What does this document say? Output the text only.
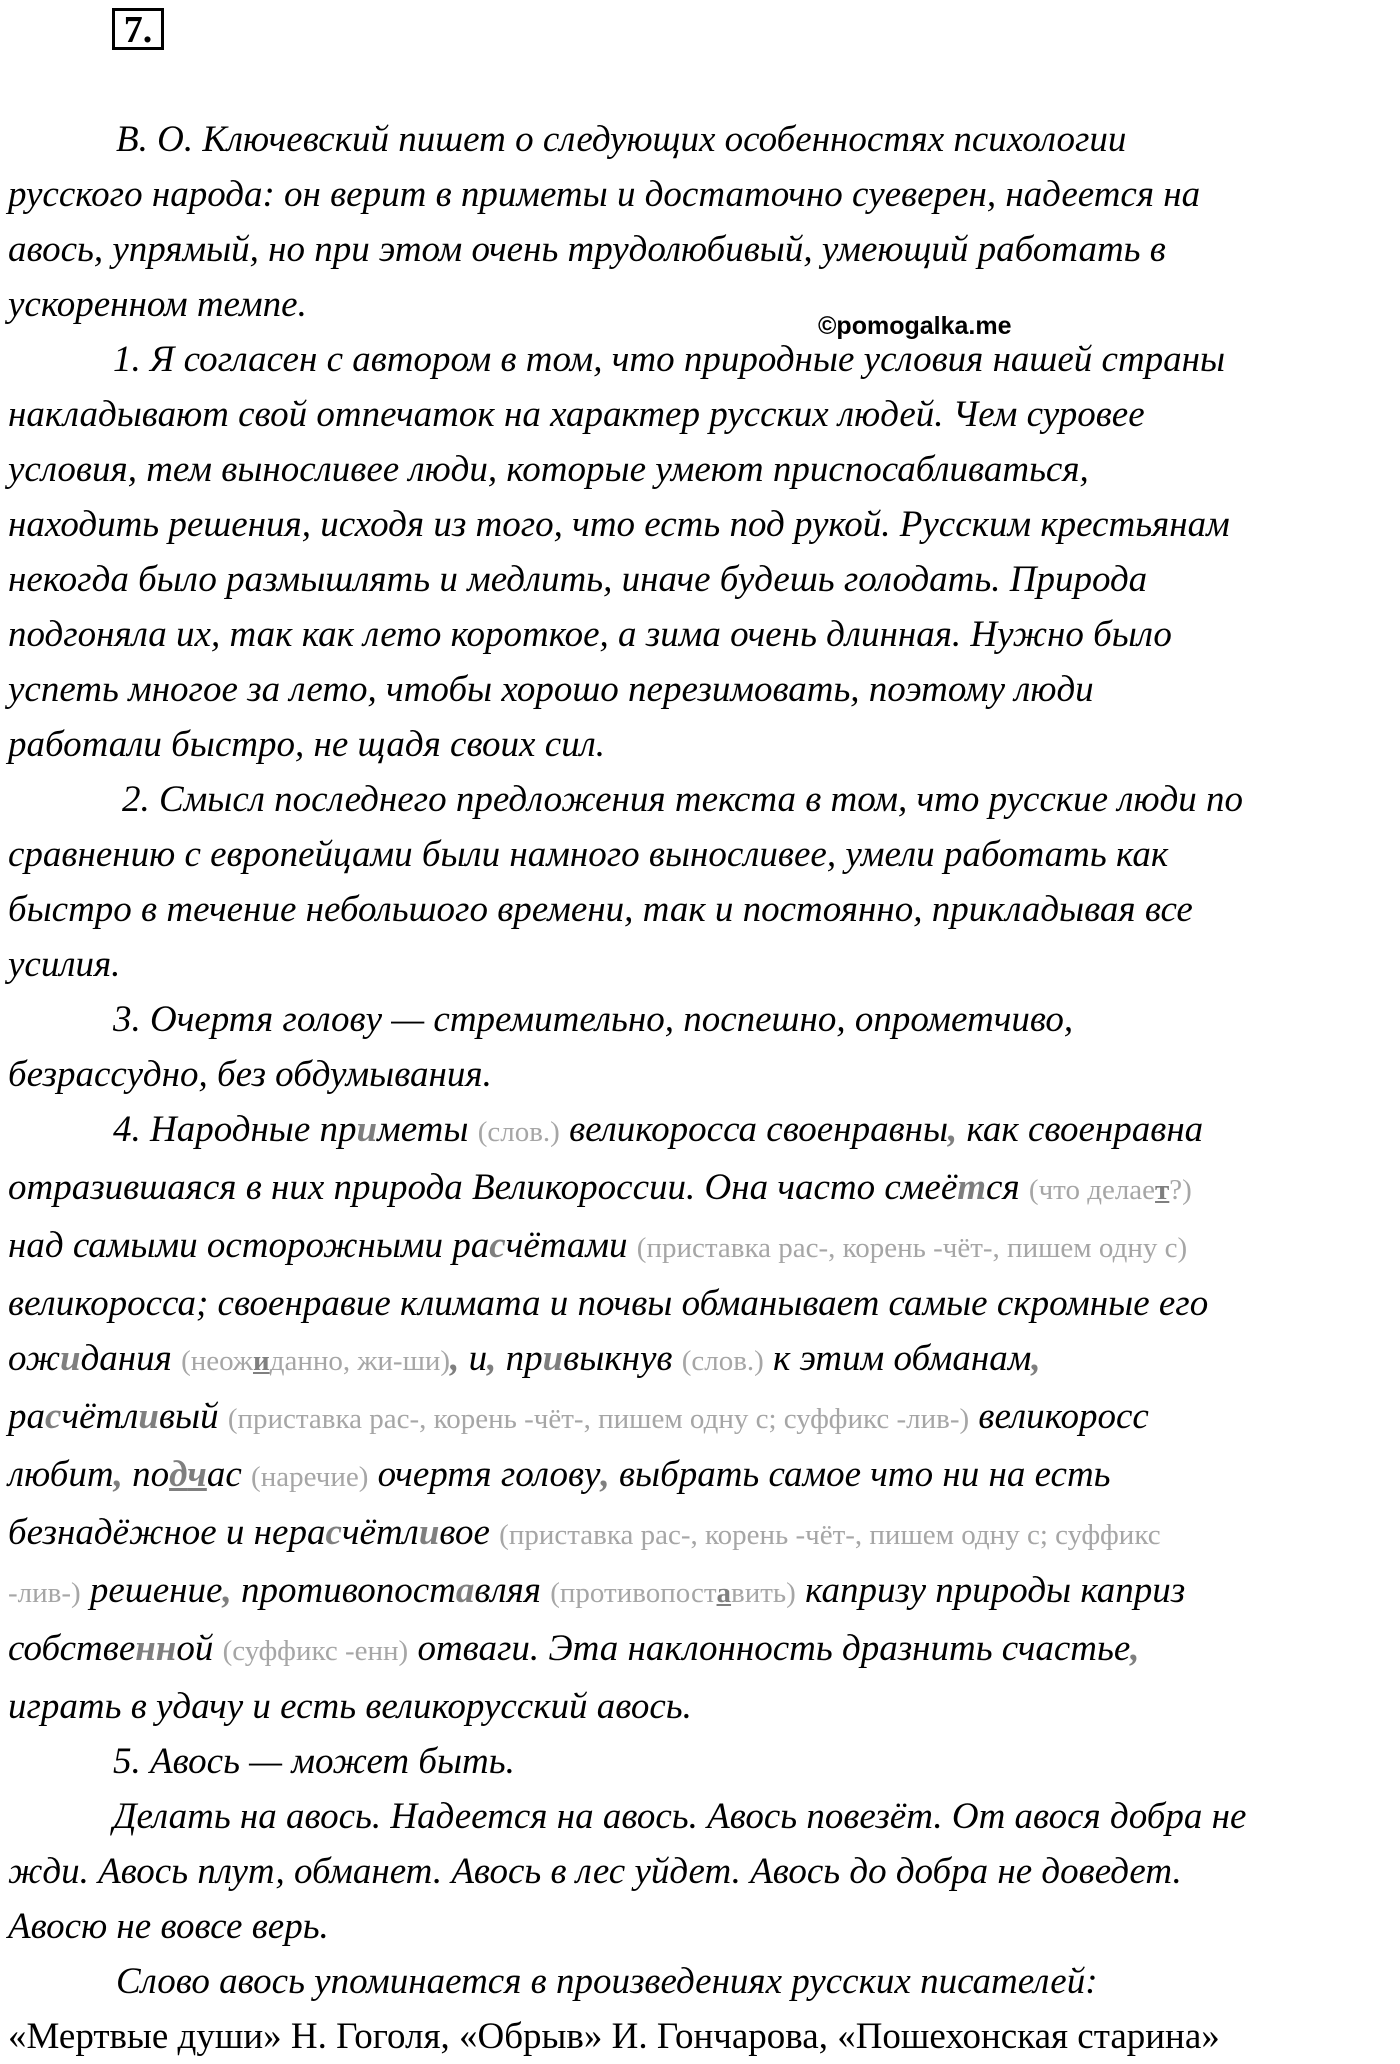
7.
©pomogalka.me

В. О. Ключевский пишет о следующих особенностях психологии

русского народа: он верит в приметы и достаточно суеверен, надеется на

авось, упрямый, но при этом очень трудолюбивый, умеющий работать в

ускоренном темпе.

1. Я согласен с автором в том, что природные условия нашей страны

накладывают свой отпечаток на характер русских людей. Чем суровее

условия, тем выносливее люди, которые умеют приспосабливаться,

находить решения, исходя из того, что есть под рукой. Русским крестьянам

некогда было размышлять и медлить, иначе будешь голодать. Природа

подгоняла их, так как лето короткое, а зима очень длинная. Нужно было

успеть многое за лето, чтобы хорошо перезимовать, поэтому люди

работали быстро, не щадя своих сил.

2. Смысл последнего предложения текста в том, что русские люди по

сравнению с европейцами были намного выносливее, умели работать как

быстро в течение небольшого времени, так и постоянно, прикладывая все

усилия.

3. Очертя голову — стремительно, поспешно, опрометчиво,

безрассудно, без обдумывания.

4. Народные приметы (слов.) великоросса своенравны, как своенравна

отразившаяся в них природа Великороссии. Она часто смеётся (что делает?)

над самыми осторожными расчётами (приставка рас-, корень -чёт-, пишем одну с)

великоросса; своенравие климата и почвы обманывает самые скромные его

ожидания (неожиданно, жи-ши), и, привыкнув (слов.) к этим обманам,

расчётливый (приставка рас-, корень -чёт-, пишем одну с; суффикс -лив-) великоросс

любит, подчас (наречие) очертя голову, выбрать самое что ни на есть

безнадёжное и нерасчётливое (приставка рас-, корень -чёт-, пишем одну с; суффикс

-лив-) решение, противопоставляя (противопоставить) капризу природы каприз

собственной (суффикс -енн) отваги. Эта наклонность дразнить счастье,

играть в удачу и есть великорусский авось.

5. Авось — может быть.

Делать на авось. Надеется на авось. Авось повезёт. От авося добра не

жди. Авось плут, обманет. Авось в лес уйдет. Авось до добра не доведет.

Авосю не вовсе верь.

Слово авось упоминается в произведениях русских писателей:

«Мертвые души» Н. Гоголя, «Обрыв» И. Гончарова, «Пошехонская старина»
